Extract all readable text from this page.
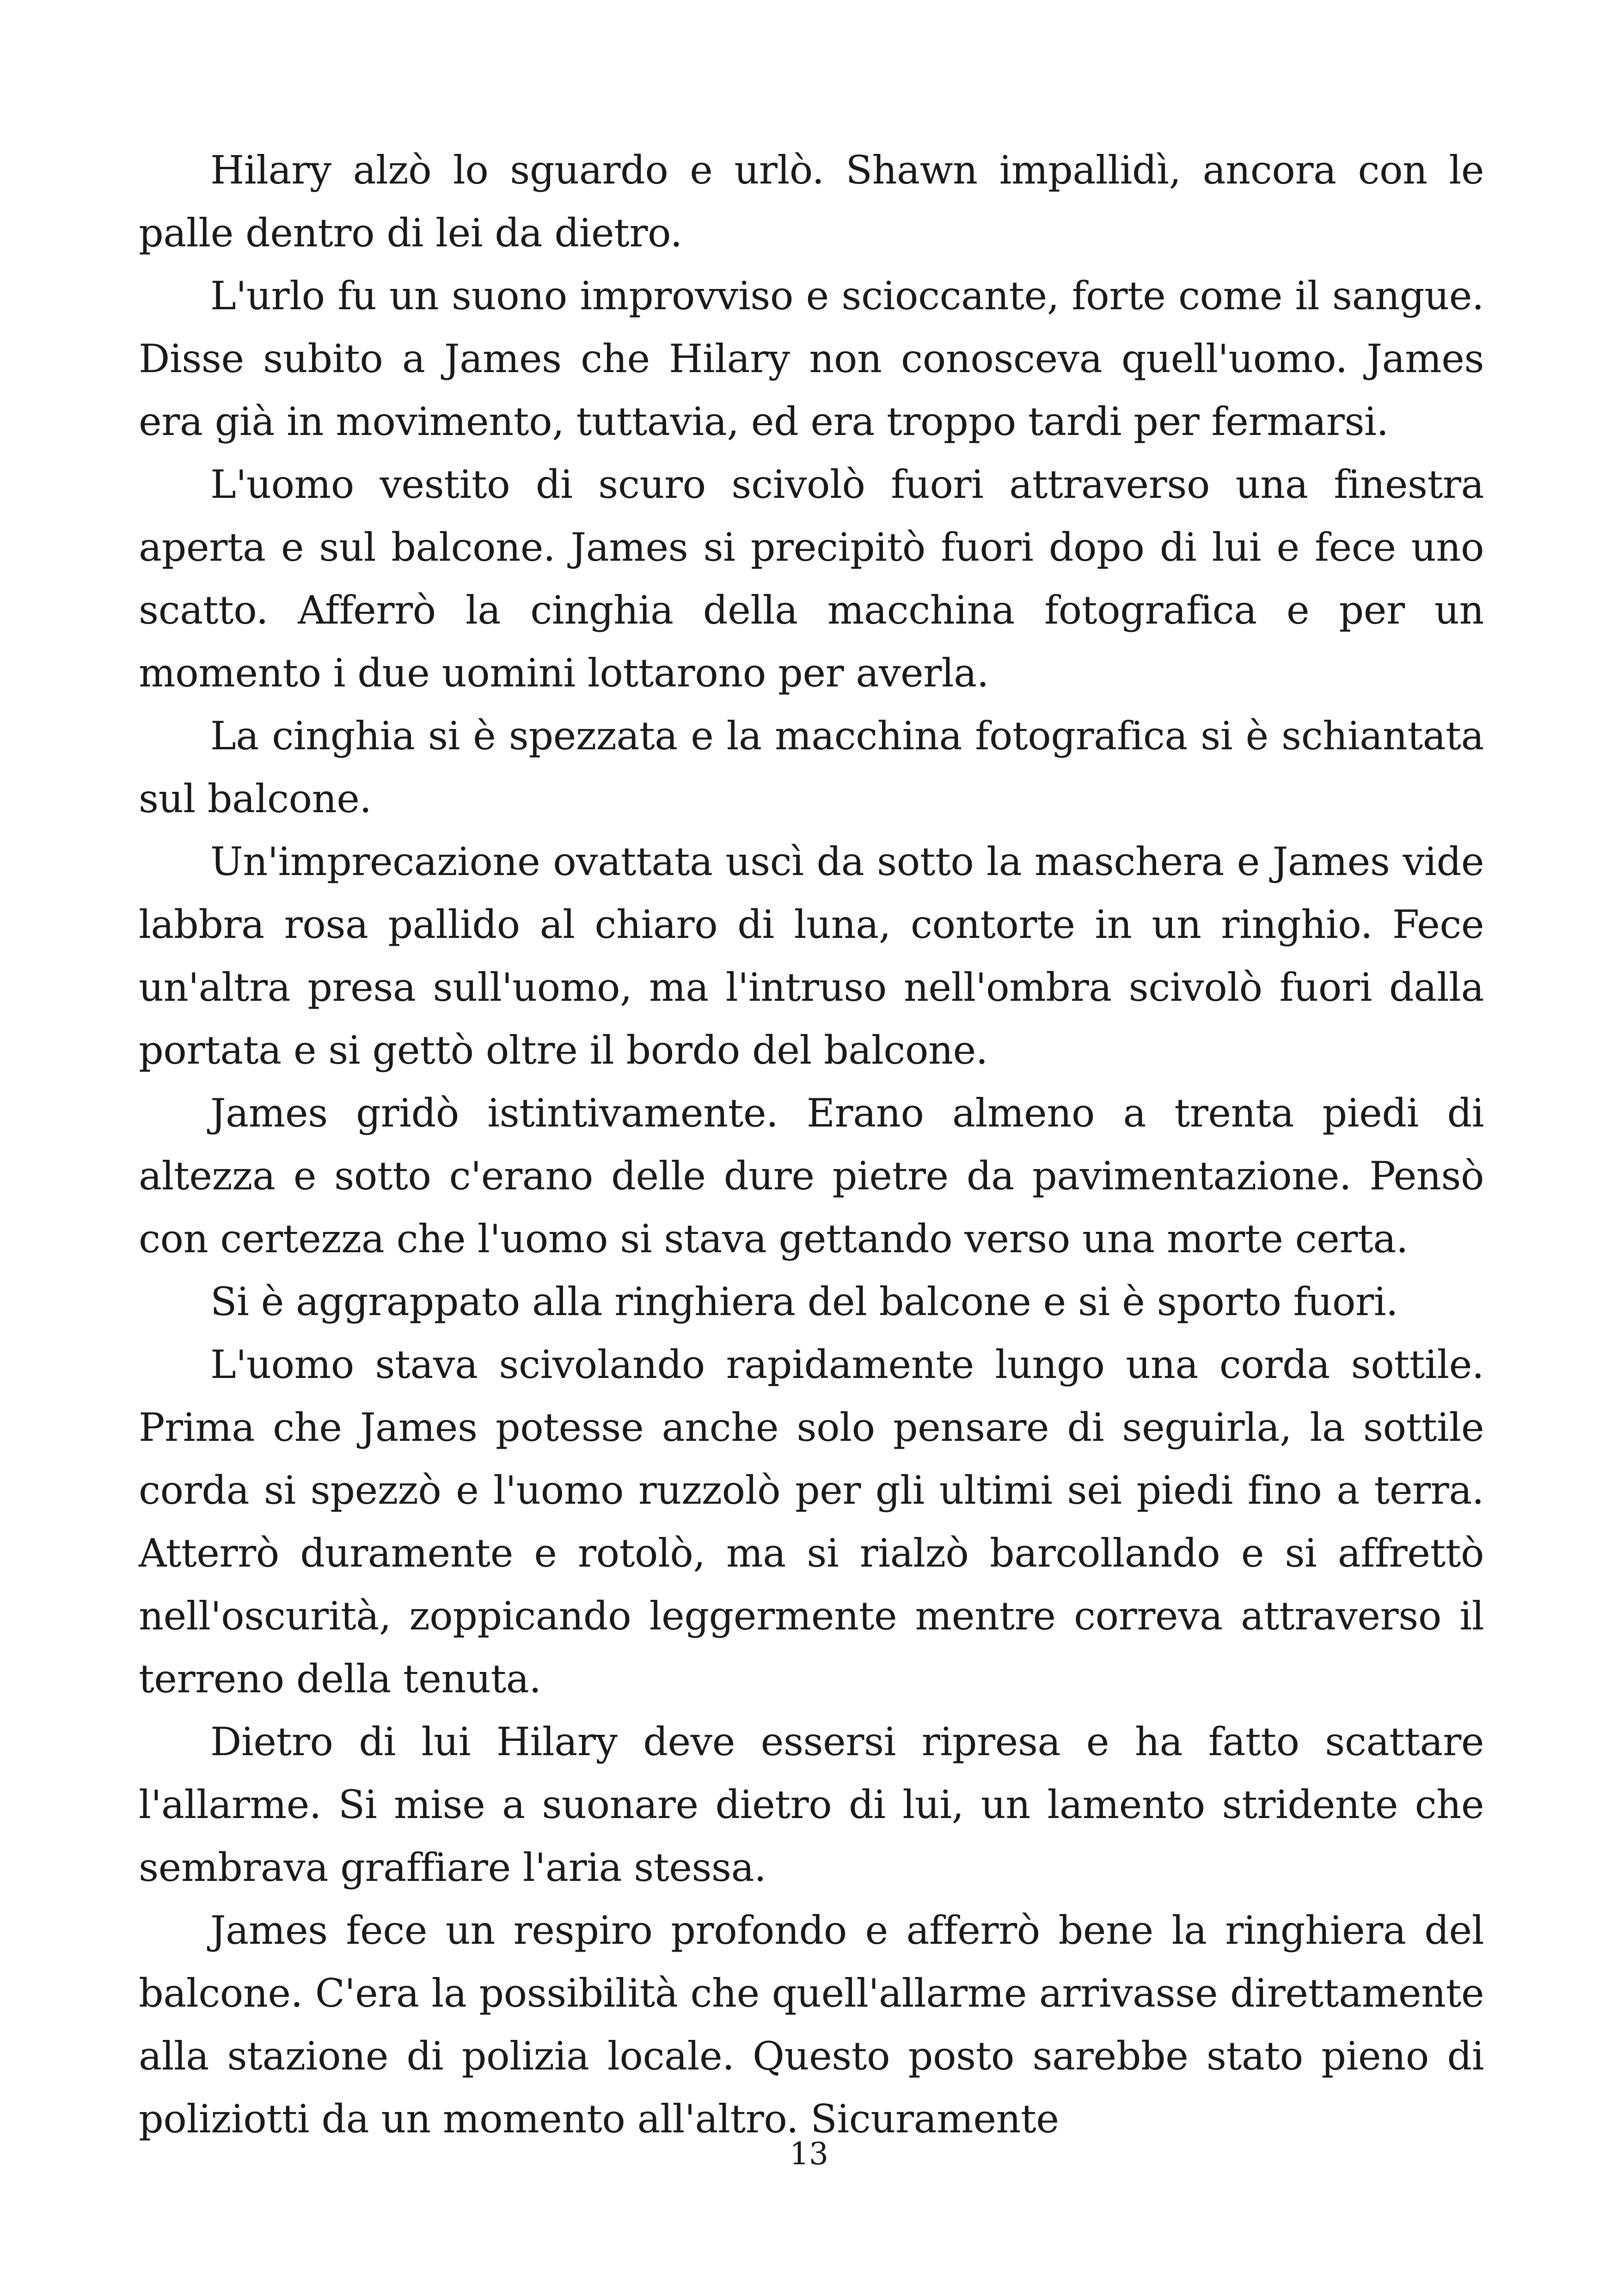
Hilary alzò lo sguardo e urlò. Shawn impallidì, ancora con le palle dentro di lei da dietro.

L'urlo fu un suono improvviso e scioccante, forte come il sangue. Disse subito a James che Hilary non conosceva quell'uomo. James era già in movimento, tuttavia, ed era troppo tardi per fermarsi.

L'uomo vestito di scuro scivolò fuori attraverso una finestra aperta e sul balcone. James si precipitò fuori dopo di lui e fece uno scatto. Afferrò la cinghia della macchina fotografica e per un momento i due uomini lottarono per averla.

La cinghia si è spezzata e la macchina fotografica si è schiantata sul balcone.

Un'imprecazione ovattata uscì da sotto la maschera e James vide labbra rosa pallido al chiaro di luna, contorte in un ringhio. Fece un'altra presa sull'uomo, ma l'intruso nell'ombra scivolò fuori dalla portata e si gettò oltre il bordo del balcone.

James gridò istintivamente. Erano almeno a trenta piedi di altezza e sotto c'erano delle dure pietre da pavimentazione. Pensò con certezza che l'uomo si stava gettando verso una morte certa.

Si è aggrappato alla ringhiera del balcone e si è sporto fuori.

L'uomo stava scivolando rapidamente lungo una corda sottile. Prima che James potesse anche solo pensare di seguirla, la sottile corda si spezzò e l'uomo ruzzolò per gli ultimi sei piedi fino a terra. Atterrò duramente e rotolò, ma si rialzò barcollando e si affrettò nell'oscurità, zoppicando leggermente mentre correva attraverso il terreno della tenuta.

Dietro di lui Hilary deve essersi ripresa e ha fatto scattare l'allarme. Si mise a suonare dietro di lui, un lamento stridente che sembrava graffiare l'aria stessa.

James fece un respiro profondo e afferrò bene la ringhiera del balcone. C'era la possibilità che quell'allarme arrivasse direttamente alla stazione di polizia locale. Questo posto sarebbe stato pieno di poliziotti da un momento all'altro. Sicuramente

13
